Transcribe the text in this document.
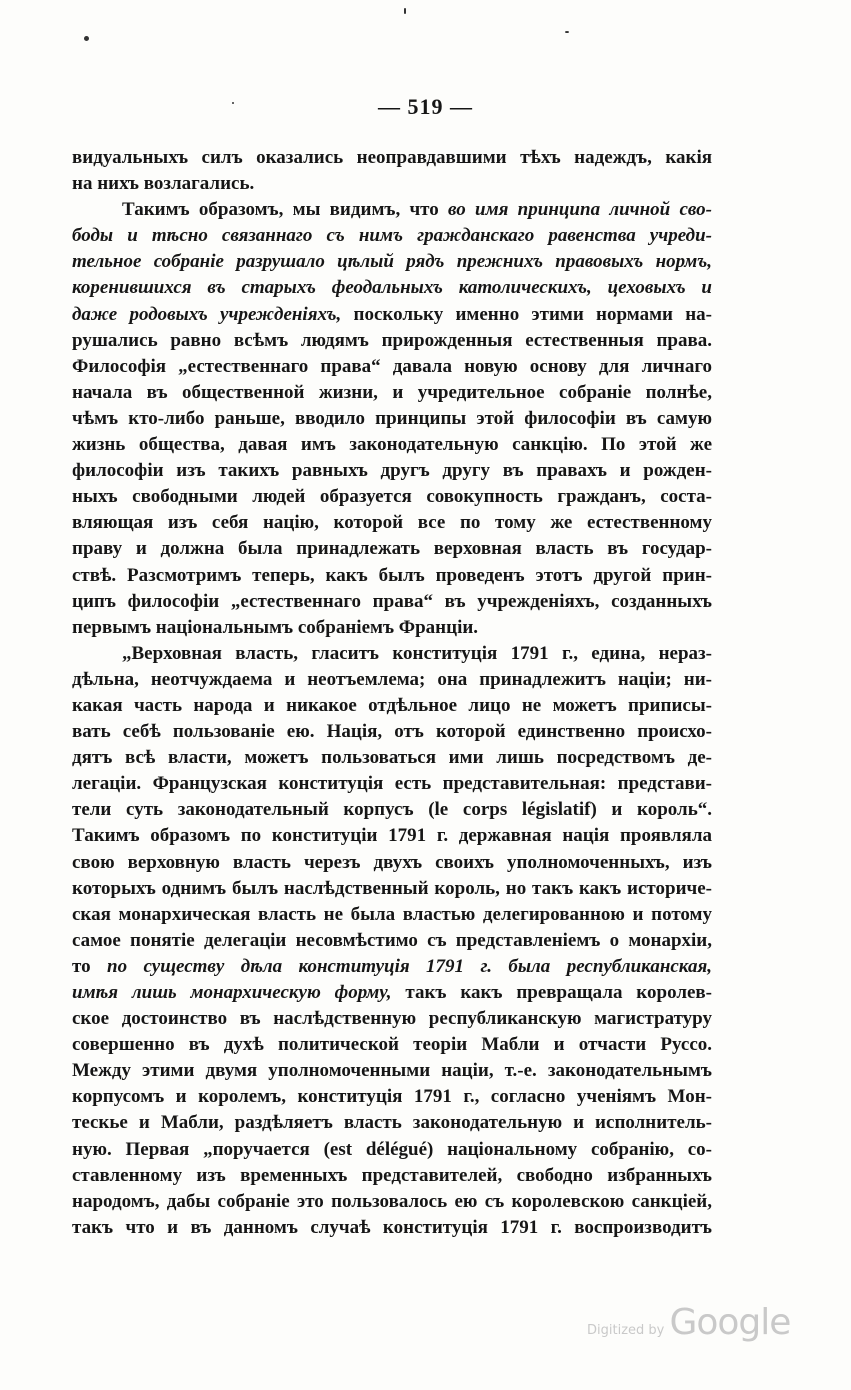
— 519 —
видуальныхъ силъ оказались неоправдавшими тѣхъ надеждъ, какія
на нихъ возлагались.
Такимъ образомъ, мы видимъ, что во имя принципа личной сво-
боды и тѣсно связаннаго съ нимъ гражданскаго равенства учреди-
тельное собраніе разрушало цѣлый рядъ прежнихъ правовыхъ нормъ,
коренившихся въ старыхъ феодальныхъ католическихъ, цеховыхъ и
даже родовыхъ учрежденіяхъ, поскольку именно этими нормами на-
рушались равно всѣмъ людямъ прирожденныя естественныя права.
Философія „естественнаго права“ давала новую основу для личнаго
начала въ общественной жизни, и учредительное собраніе полнѣе,
чѣмъ кто-либо раньше, вводило принципы этой философіи въ самую
жизнь общества, давая имъ законодательную санкцію. По этой же
философіи изъ такихъ равныхъ другъ другу въ правахъ и рожден-
ныхъ свободными людей образуется совокупность гражданъ, соста-
вляющая изъ себя націю, которой все по тому же естественному
праву и должна была принадлежать верховная власть въ государ-
ствѣ. Разсмотримъ теперь, какъ былъ проведенъ этотъ другой прин-
ципъ философіи „естественнаго права“ въ учрежденіяхъ, созданныхъ
первымъ національнымъ собраніемъ Франціи.
„Верховная власть, гласитъ конституція 1791 г., едина, нераз-
дѣльна, неотчуждаема и неотъемлема; она принадлежитъ націи; ни-
какая часть народа и никакое отдѣльное лицо не можетъ приписы-
вать себѣ пользованіе ею. Нація, отъ которой единственно происхо-
дятъ всѣ власти, можетъ пользоваться ими лишь посредствомъ де-
легаціи. Французская конституція есть представительная: представи-
тели суть законодательный корпусъ (le corps législatif) и король“.
Такимъ образомъ по конституціи 1791 г. державная нація проявляла
свою верховную власть черезъ двухъ своихъ уполномоченныхъ, изъ
которыхъ однимъ былъ наслѣдственный король, но такъ какъ историче-
ская монархическая власть не была властью делегированною и потому
самое понятіе делегаціи несовмѣстимо съ представленіемъ о монархіи,
то по существу дѣла конституція 1791 г. была республиканская,
имѣя лишь монархическую форму, такъ какъ превращала королев-
ское достоинство въ наслѣдственную республиканскую магистратуру
совершенно въ духѣ политической теоріи Мабли и отчасти Руссо.
Между этими двумя уполномоченными націи, т.-е. законодательнымъ
корпусомъ и королемъ, конституція 1791 г., согласно ученіямъ Мон-
тескье и Мабли, раздѣляетъ власть законодательную и исполнитель-
ную. Первая „поручается (est délégué) національному собранію, со-
ставленному изъ временныхъ представителей, свободно избранныхъ
народомъ, дабы собраніе это пользовалось ею съ королевскою санкціей,
такъ что и въ данномъ случаѣ конституція 1791 г. воспроизводитъ
Digitized by Google
